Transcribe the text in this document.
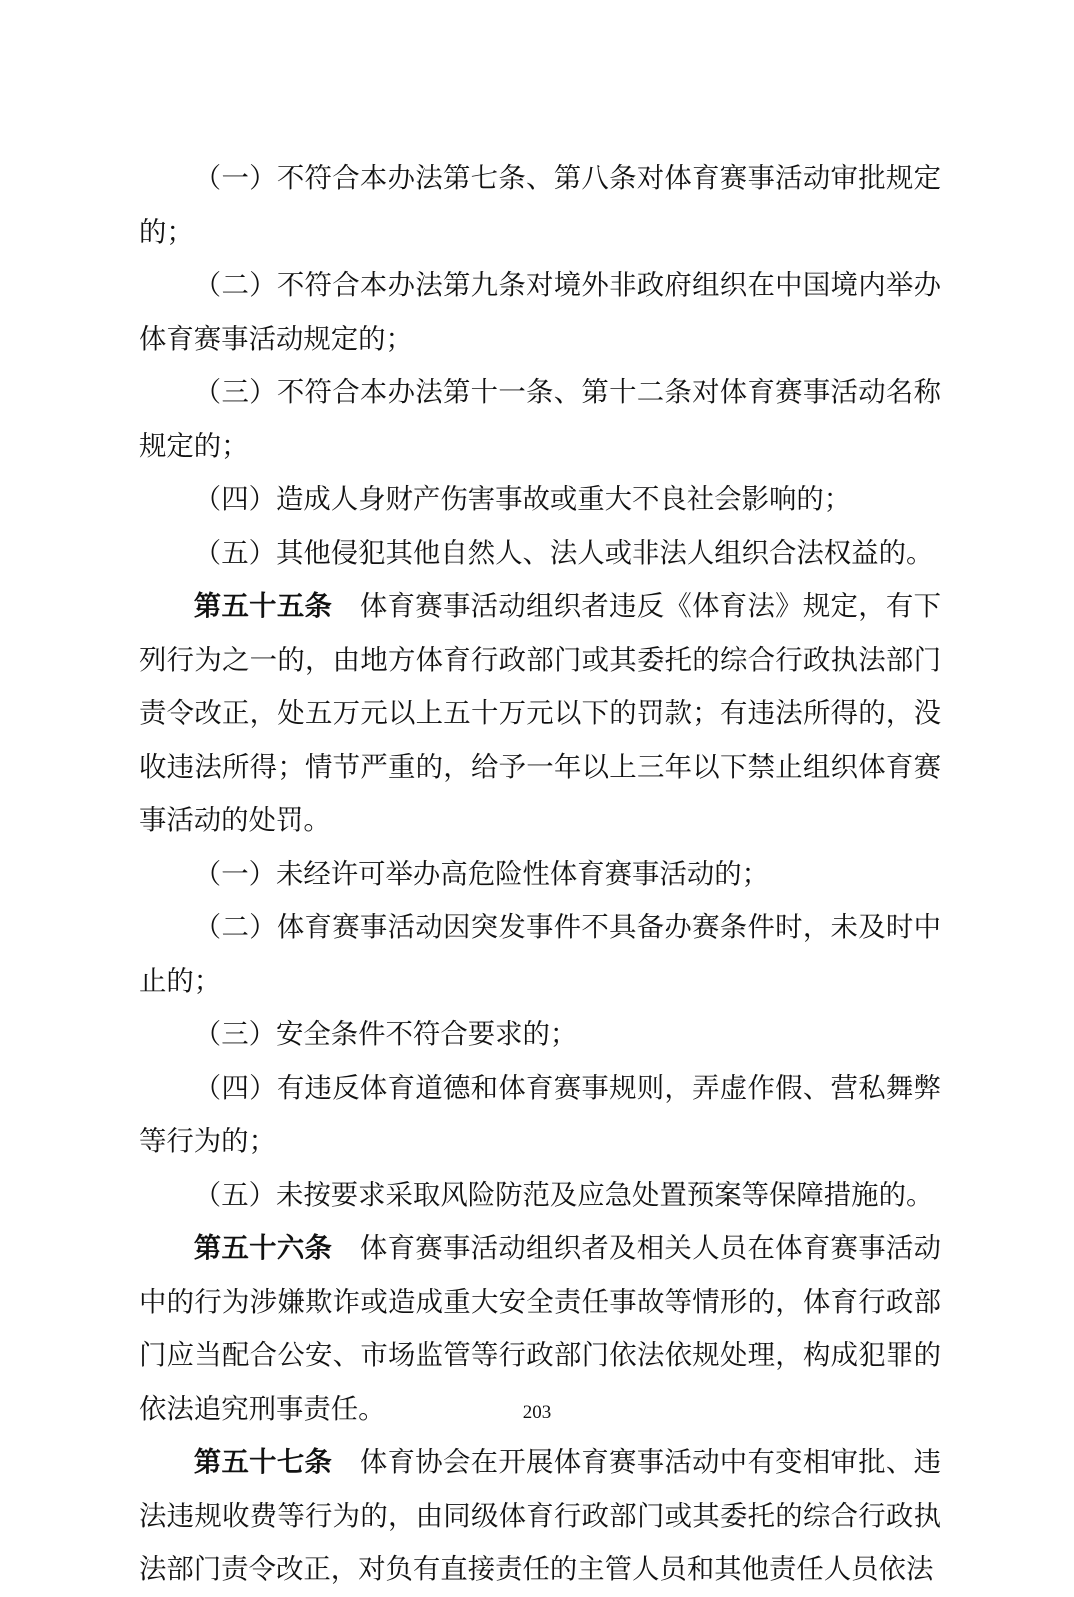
（一）不符合本办法第七条、第八条对体育赛事活动审批规定的；

（二）不符合本办法第九条对境外非政府组织在中国境内举办体育赛事活动规定的；

（三）不符合本办法第十一条、第十二条对体育赛事活动名称规定的；

（四）造成人身财产伤害事故或重大不良社会影响的；

（五）其他侵犯其他自然人、法人或非法人组织合法权益的。

第五十五条 体育赛事活动组织者违反《体育法》规定，有下列行为之一的，由地方体育行政部门或其委托的综合行政执法部门责令改正，处五万元以上五十万元以下的罚款；有违法所得的，没收违法所得；情节严重的，给予一年以上三年以下禁止组织体育赛事活动的处罚。

（一）未经许可举办高危险性体育赛事活动的；

（二）体育赛事活动因突发事件不具备办赛条件时，未及时中止的；

（三）安全条件不符合要求的；

（四）有违反体育道德和体育赛事规则，弄虚作假、营私舞弊等行为的；

（五）未按要求采取风险防范及应急处置预案等保障措施的。

第五十六条 体育赛事活动组织者及相关人员在体育赛事活动中的行为涉嫌欺诈或造成重大安全责任事故等情形的，体育行政部门应当配合公安、市场监管等行政部门依法依规处理，构成犯罪的依法追究刑事责任。

第五十七条 体育协会在开展体育赛事活动中有变相审批、违法违规收费等行为的，由同级体育行政部门或其委托的综合行政执法部门责令改正，对负有直接责任的主管人员和其他责任人员依法

203
